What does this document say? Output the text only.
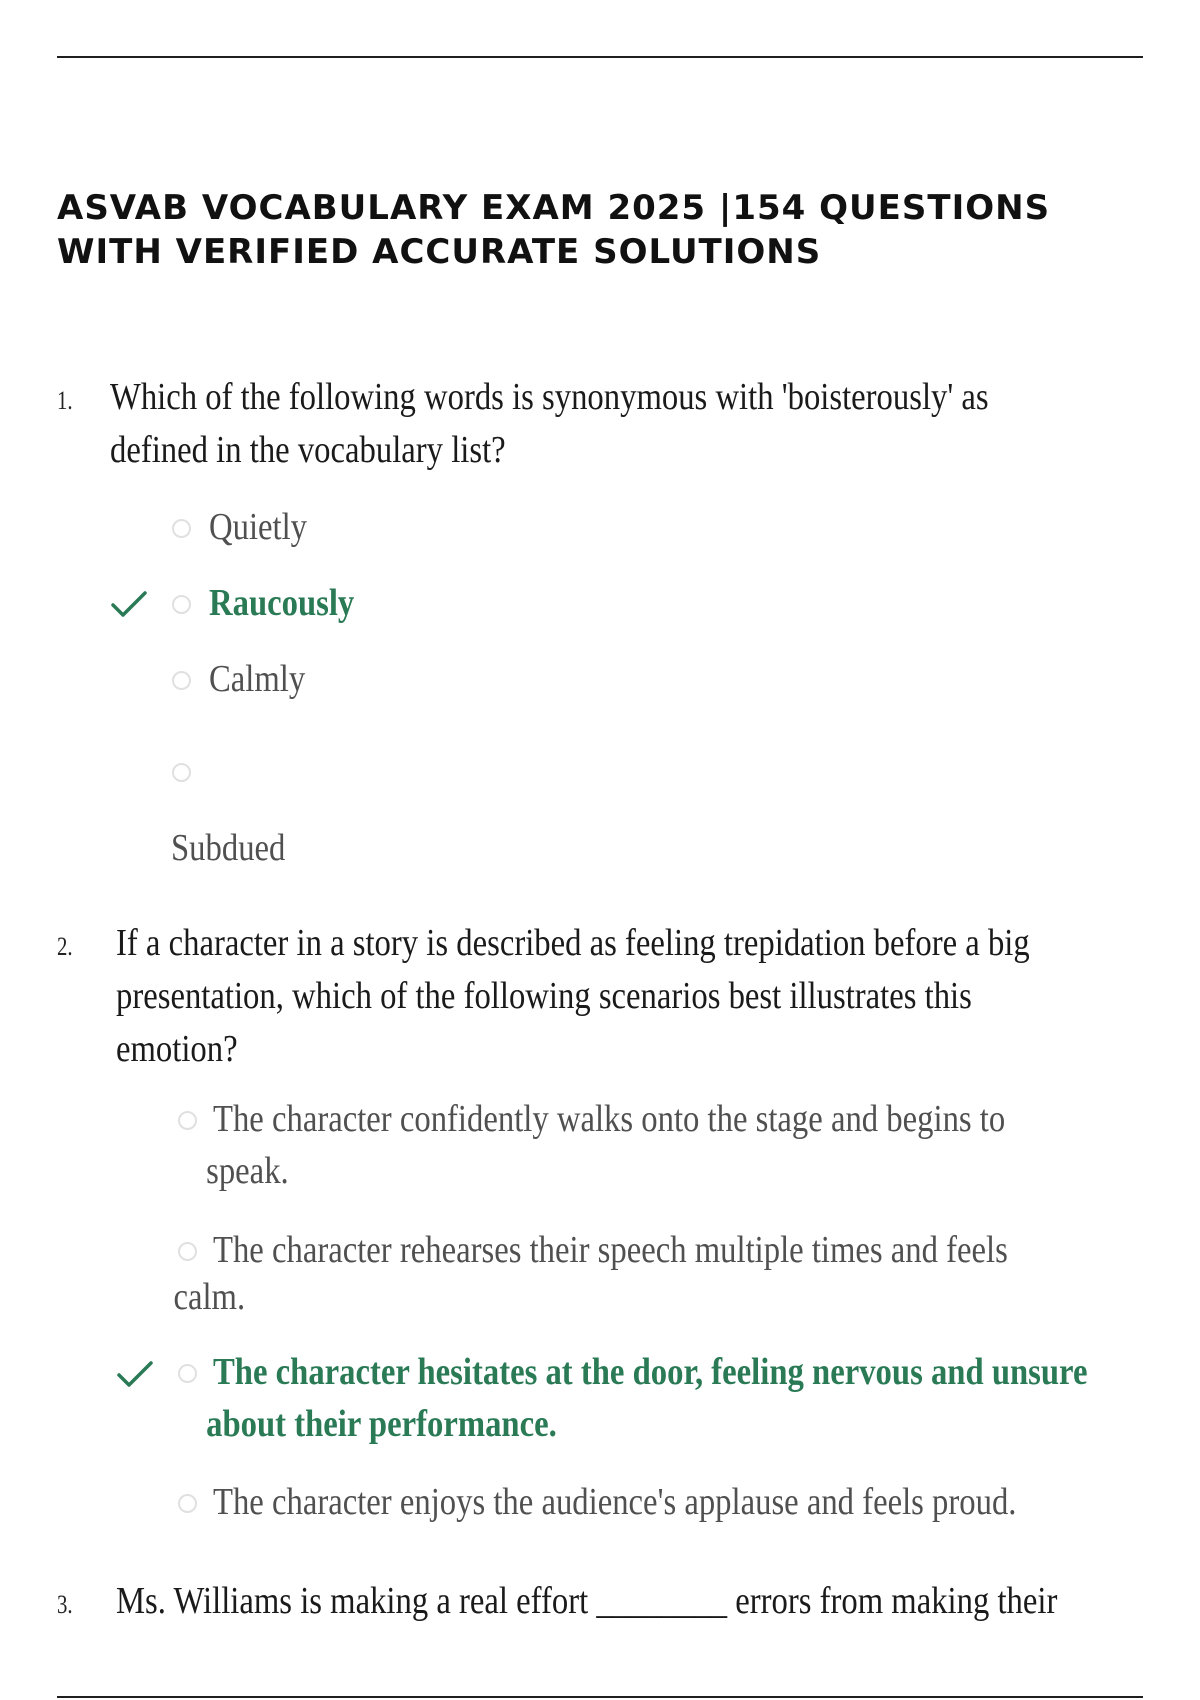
ASVAB VOCABULARY EXAM 2025 |154 QUESTIONS
WITH VERIFIED ACCURATE SOLUTIONS
1. Which of the following words is synonymous with 'boisterously' as
defined in the vocabulary list?

Quietly
Raucously
Calmly
Subdued
2. If a character in a story is described as feeling trepidation before a big
presentation, which of the following scenarios best illustrates this
emotion?

The character confidently walks onto the stage and begins to
speak.
The character rehearses their speech multiple times and feels
calm.
The character hesitates at the door, feeling nervous and unsure
about their performance.
The character enjoys the audience's applause and feels proud.
3. Ms. Williams is making a real effort ________ errors from making their
